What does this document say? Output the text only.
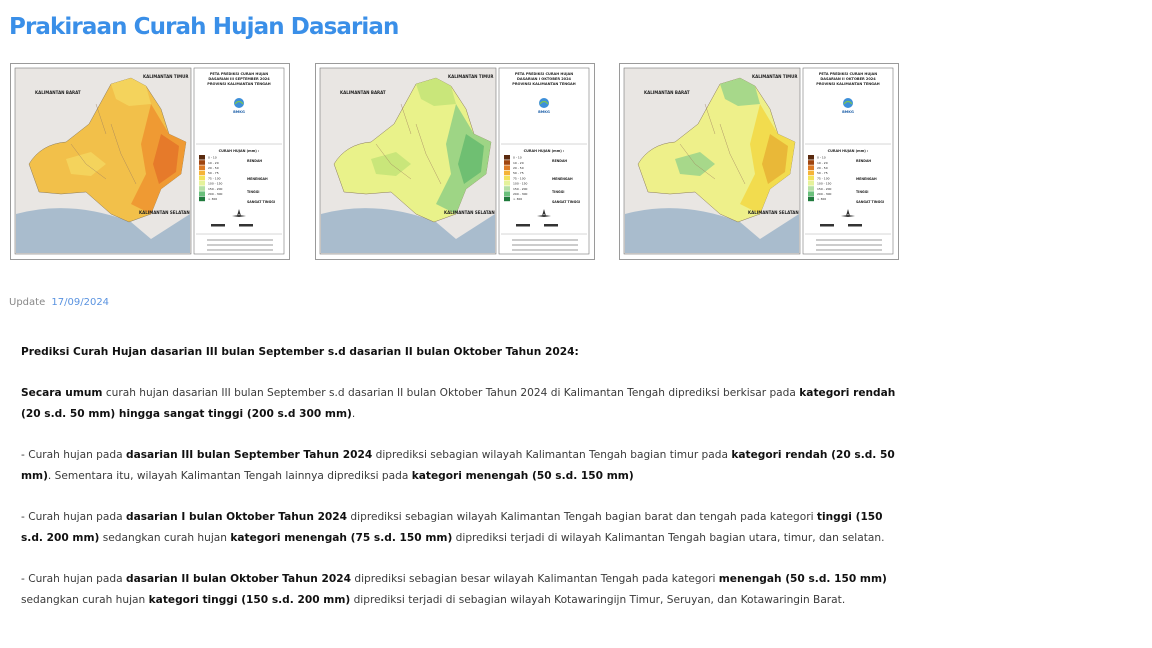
Prakiraan Curah Hujan Dasarian
KALIMANTAN TIMUR
KALIMANTAN BARAT
KALIMANTAN SELATAN
PETA PREDIKSI CURAH HUJAN
DASARIAN III SEPTEMBER 2024
PROVINSI KALIMANTAN TENGAH
BMKG
CURAH HUJAN (mm) :
0 - 10
10 - 20
20 - 50
50 - 75
75 - 100
100 - 150
150 - 200
200 - 300
> 300
RENDAH
MENENGAH
TINGGI
SANGAT TINGGI
KALIMANTAN TIMUR
KALIMANTAN BARAT
KALIMANTAN SELATAN
PETA PREDIKSI CURAH HUJAN
DASARIAN I OKTOBER 2024
PROVINSI KALIMANTAN TENGAH
BMKG
CURAH HUJAN (mm) :
0 - 10
10 - 20
20 - 50
50 - 75
75 - 100
100 - 150
150 - 200
200 - 300
> 300
RENDAH
MENENGAH
TINGGI
SANGAT TINGGI
KALIMANTAN TIMUR
KALIMANTAN BARAT
KALIMANTAN SELATAN
PETA PREDIKSI CURAH HUJAN
DASARIAN II OKTOBER 2024
PROVINSI KALIMANTAN TENGAH
BMKG
CURAH HUJAN (mm) :
0 - 10
10 - 20
20 - 50
50 - 75
75 - 100
100 - 150
150 - 200
200 - 300
> 300
RENDAH
MENENGAH
TINGGI
SANGAT TINGGI
Update 17/09/2024

Prediksi Curah Hujan dasarian III bulan September s.d dasarian II bulan Oktober Tahun 2024:

Secara umum curah hujan dasarian III bulan September s.d dasarian II bulan Oktober Tahun 2024 di Kalimantan Tengah diprediksi berkisar pada kategori rendah (20 s.d. 50 mm) hingga sangat tinggi (200 s.d 300 mm).

- Curah hujan pada dasarian III bulan September Tahun 2024 diprediksi sebagian wilayah Kalimantan Tengah bagian timur pada kategori rendah (20 s.d. 50 mm). Sementara itu, wilayah Kalimantan Tengah lainnya diprediksi pada kategori menengah (50 s.d. 150 mm)

- Curah hujan pada dasarian I bulan Oktober Tahun 2024 diprediksi sebagian wilayah Kalimantan Tengah bagian barat dan tengah pada kategori tinggi (150 s.d. 200 mm) sedangkan curah hujan kategori menengah (75 s.d. 150 mm) diprediksi terjadi di wilayah Kalimantan Tengah bagian utara, timur, dan selatan.

- Curah hujan pada dasarian II bulan Oktober Tahun 2024 diprediksi sebagian besar wilayah Kalimantan Tengah pada kategori menengah (50 s.d. 150 mm) sedangkan curah hujan kategori tinggi (150 s.d. 200 mm) diprediksi terjadi di sebagian wilayah Kotawaringijn Timur, Seruyan, dan Kotawaringin Barat.
